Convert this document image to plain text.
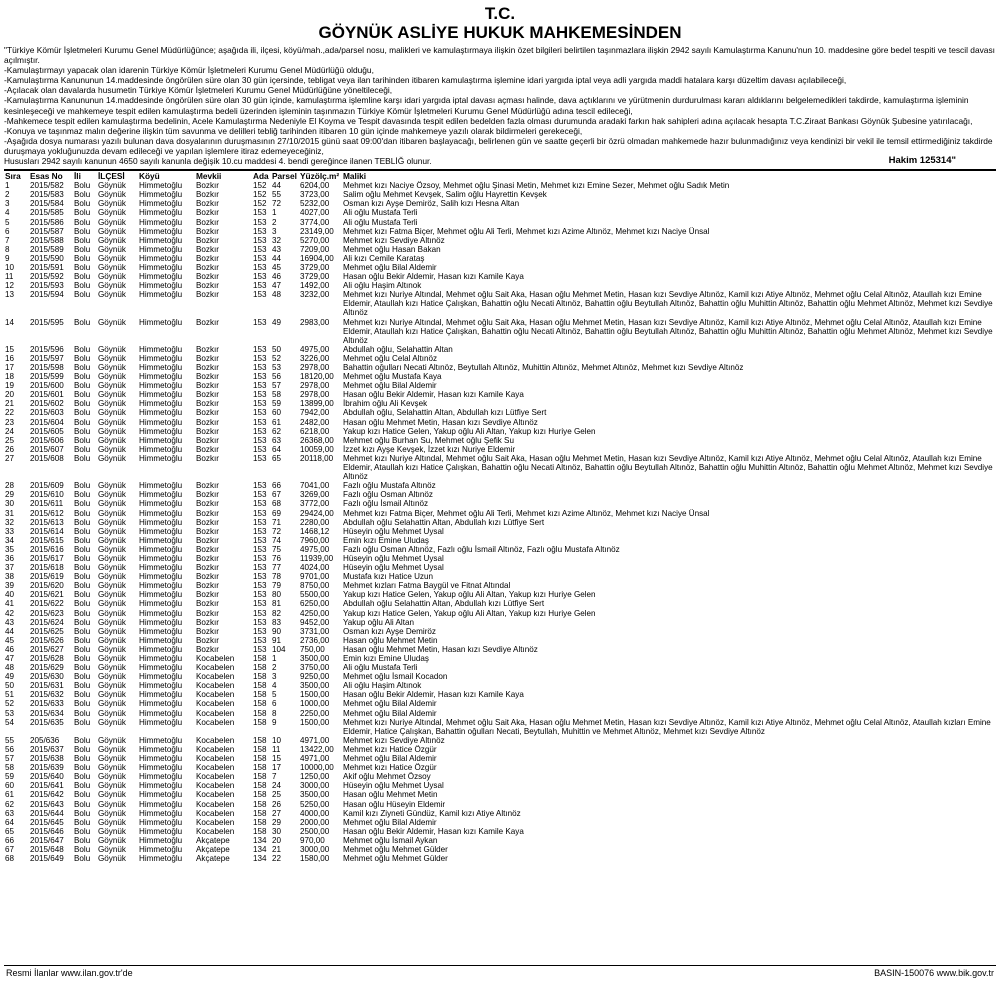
T.C.
GÖYNÜK ASLİYE HUKUK MAHKEMESİNDEN

"Türkiye Kömür İşletmeleri Kurumu Genel Müdürlüğünce; aşağıda ili, ilçesi, köyü/mah.,ada/parsel nosu, malikleri ve kamulaştırmaya ilişkin özet bilgileri belirtilen taşınmazlara ilişkin 2942 sayılı Kamulaştırma Kanunu'nun 10. maddesine göre bedel tespiti ve tescil davası açılmıştır.

-Kamulaştırmayı yapacak olan idarenin Türkiye Kömür İşletmeleri Kurumu Genel Müdürlüğü olduğu,

-Kamulaştırma Kanununun 14.maddesinde öngörülen süre olan 30 gün içersinde, tebligat veya ilan tarihinden itibaren kamulaştırma işlemine idari yargıda iptal veya adli yargıda maddi hatalara karşı düzeltim davası açılabileceği,

-Açılacak olan davalarda husumetin Türkiye Kömür İşletmeleri Kurumu Genel Müdürlüğüne yöneltileceği,

-Kamulaştırma Kanununun 14.maddesinde öngörülen süre olan 30 gün içinde, kamulaştırma işlemline karşı idari yargıda iptal davası açması halinde, dava açtıklarını ve yürütmenin durdurulması kararı aldıklarını belgelemedikleri takdirde, kamulaştırma işleminin kesinleşeceği ve mahkemeye tespit edilen kamulaştırma bedeli üzerinden işleminin taşınmazın Türkiye Kömür İşletmeleri Kurumu Genel Müdürlüğü adına tescil edileceği,

-Mahkemece tespit edilen kamulaştırma bedelinin, Acele Kamulaştırma Nedeniyle El Koyma ve Tespit davasında tespit edilen bedelden fazla olması durumunda aradaki farkın hak sahipleri adına açılacak hesapta T.C.Ziraat Bankası Göynük Şubesine yatırılacağı,

-Konuya ve taşınmaz malın değerine ilişkin tüm savunma ve delilleri tebliğ tarihinden itibaren 10 gün içinde mahkemeye yazılı olarak bildirmeleri gerekeceği,

-Aşağıda dosya numarası yazılı bulunan dava dosyalarının duruşmasının 27/10/2015 günü saat 09:00'dan itibaren başlayacağı, belirlenen gün ve saatte geçerli bir özrü olmadan mahkemede hazır bulunmadığınız veya kendinizi bir vekil ile temsil ettirmediğiniz takdirde duruşmaya yokluğunuzda devam edileceği ve yapılan işlemlere itiraz edemeyeceğiniz,

Hususları 2942 sayılı kanunun 4650 sayılı kanunla değişik 10.cu maddesi 4. bendi gereğince ilanen TEBLİĞ olunur.	Hakim 125314"
Sıra	Esas No	İli	İLÇESİ	Köyü	Mevkii	Ada	Parsel	Yüzölç.m²	Maliki
1	2015/582	Bolu	Göynük	Himmetoğlu	Bozkır	152	44	6204,00	Mehmet kızı Naciye Özsoy, Mehmet oğlu Şinasi Metin, Mehmet kızı Emine Sezer, Mehmet oğlu Sadık Metin
2	2015/583	Bolu	Göynük	Himmetoğlu	Bozkır	152	55	3723,00	Salim oğlu Mehmet Kevşek, Salim oğlu Hayrettin Kevşek
3	2015/584	Bolu	Göynük	Himmetoğlu	Bozkır	152	72	5232,00	Osman kızı Ayşe Demiröz, Salih kızı Hesna Altan
4	2015/585	Bolu	Göynük	Himmetoğlu	Bozkır	153	1	4027,00	Ali oğlu Mustafa Terli
5	2015/586	Bolu	Göynük	Himmetoğlu	Bozkır	153	2	3774,00	Ali oğlu Mustafa Terli
6	2015/587	Bolu	Göynük	Himmetoğlu	Bozkır	153	3	23149,00	Mehmet kızı Fatma Biçer, Mehmet oğlu Ali Terli, Mehmet kızı Azime Altınöz, Mehmet kızı Naciye Ünsal
7	2015/588	Bolu	Göynük	Himmetoğlu	Bozkır	153	32	5270,00	Mehmet kızı Sevdiye Altınöz
8	2015/589	Bolu	Göynük	Himmetoğlu	Bozkır	153	43	7209,00	Mehmet oğlu Hasan Bakan
9	2015/590	Bolu	Göynük	Himmetoğlu	Bozkır	153	44	16904,00	Ali kızı Cemile Karataş
10	2015/591	Bolu	Göynük	Himmetoğlu	Bozkır	153	45	3729,00	Mehmet oğlu Bilal Aldemir
11	2015/592	Bolu	Göynük	Himmetoğlu	Bozkır	153	46	3729,00	Hasan oğlu Bekir Aldemir, Hasan kızı Kamile Kaya
12	2015/593	Bolu	Göynük	Himmetoğlu	Bozkır	153	47	1492,00	Ali oğlu Haşim Altınok
13	2015/594	Bolu	Göynük	Himmetoğlu	Bozkır	153	48	3232,00	Mehmet kızı Nuriye Altındal, Mehmet oğlu Sait Aka, Hasan oğlu Mehmet Metin, Hasan kızı Sevdiye Altınöz, Kamil kızı Atiye Altınöz, Mehmet oğlu Celal Altınöz, Ataullah kızı Emine Eldemir, Ataullah kızı Hatice Çalışkan, Bahattin oğlu Necati Altınöz, Bahattin oğlu Beytullah Altınöz, Bahattin oğlu Muhittin Altınöz, Bahattin oğlu Mehmet Altınöz, Mehmet kızı Sevdiye Altınöz
14	2015/595	Bolu	Göynük	Himmetoğlu	Bozkır	153	49	2983,00	Mehmet kızı Nuriye Altındal, Mehmet oğlu Sait Aka, Hasan oğlu Mehmet Metin, Hasan kızı Sevdiye Altınöz, Kamil kızı Atiye Altınöz, Mehmet oğlu Celal Altınöz, Ataullah kızı Emine Eldemir, Ataullah kızı Hatice Çalışkan, Bahattin oğlu Necati Altınöz, Bahattin oğlu Beytullah Altınöz, Bahattin oğlu Muhittin Altınöz, Bahattin oğlu Mehmet Altınöz, Mehmet kızı Sevdiye Altınöz
15	2015/596	Bolu	Göynük	Himmetoğlu	Bozkır	153	50	4975,00	Abdullah oğlu, Selahattin Altan
16	2015/597	Bolu	Göynük	Himmetoğlu	Bozkır	153	52	3226,00	Mehmet oğlu Celal Altınöz
17	2015/598	Bolu	Göynük	Himmetoğlu	Bozkır	153	53	2978,00	Bahattin oğulları Necati Altınöz, Beytullah Altınöz, Muhittin Altınöz, Mehmet Altınöz, Mehmet kızı Sevdiye Altınöz
18	2015/599	Bolu	Göynük	Himmetoğlu	Bozkır	153	56	18120,00	Mehmet oğlu Mustafa Kaya
19	2015/600	Bolu	Göynük	Himmetoğlu	Bozkır	153	57	2978,00	Mehmet oğlu Bilal Aldemir
20	2015/601	Bolu	Göynük	Himmetoğlu	Bozkır	153	58	2978,00	Hasan oğlu Bekir Aldemir, Hasan kızı Kamile Kaya
21	2015/602	Bolu	Göynük	Himmetoğlu	Bozkır	153	59	13899,00	İbrahim oğlu Ali Kevşek
22	2015/603	Bolu	Göynük	Himmetoğlu	Bozkır	153	60	7942,00	Abdullah oğlu, Selahattin Altan, Abdullah kızı Lütfiye Sert
23	2015/604	Bolu	Göynük	Himmetoğlu	Bozkır	153	61	2482,00	Hasan oğlu Mehmet Metin, Hasan kızı Sevdiye Altınöz
24	2015/605	Bolu	Göynük	Himmetoğlu	Bozkır	153	62	6218,00	Yakup kızı Hatice Gelen, Yakup oğlu Ali Altan, Yakup kızı Huriye Gelen
25	2015/606	Bolu	Göynük	Himmetoğlu	Bozkır	153	63	26368,00	Mehmet oğlu Burhan Su, Mehmet oğlu Şefik Su
26	2015/607	Bolu	Göynük	Himmetoğlu	Bozkır	153	64	10059,00	İzzet kızı Ayşe Kevşek, İzzet kızı Nuriye Eldemir
27	2015/608	Bolu	Göynük	Himmetoğlu	Bozkır	153	65	20118,00	Mehmet kızı Nuriye Altındal, Mehmet oğlu Sait Aka, Hasan oğlu Mehmet Metin, Hasan kızı Sevdiye Altınöz, Kamil kızı Atiye Altınöz, Mehmet oğlu Celal Altınöz, Ataullah kızı Emine Eldemir, Ataullah kızı Hatice Çalışkan, Bahattin oğlu Necati Altınöz, Bahattin oğlu Beytullah Altınöz, Bahattin oğlu Muhittin Altınöz, Bahattin oğlu Mehmet Altınöz, Mehmet kızı Sevdiye Altınöz
28	2015/609	Bolu	Göynük	Himmetoğlu	Bozkır	153	66	7041,00	Fazlı oğlu Mustafa Altınöz
29	2015/610	Bolu	Göynük	Himmetoğlu	Bozkır	153	67	3269,00	Fazlı oğlu Osman Altınöz
30	2015/611	Bolu	Göynük	Himmetoğlu	Bozkır	153	68	3772,00	Fazlı oğlu İsmail Altınöz
31	2015/612	Bolu	Göynük	Himmetoğlu	Bozkır	153	69	29424,00	Mehmet kızı Fatma Biçer, Mehmet oğlu Ali Terli, Mehmet kızı Azime Altınöz, Mehmet kızı Naciye Ünsal
32	2015/613	Bolu	Göynük	Himmetoğlu	Bozkır	153	71	2280,00	Abdullah oğlu Selahattin Altan, Abdullah kızı Lütfiye Sert
33	2015/614	Bolu	Göynük	Himmetoğlu	Bozkır	153	72	1468,12	Hüseyin oğlu Mehmet Uysal
34	2015/615	Bolu	Göynük	Himmetoğlu	Bozkır	153	74	7960,00	Emin kızı Emine Uludaş
35	2015/616	Bolu	Göynük	Himmetoğlu	Bozkır	153	75	4975,00	Fazlı oğlu Osman Altınöz, Fazlı oğlu İsmail Altınöz, Fazlı oğlu Mustafa Altınöz
36	2015/617	Bolu	Göynük	Himmetoğlu	Bozkır	153	76	11939,00	Hüseyin oğlu Mehmet Uysal
37	2015/618	Bolu	Göynük	Himmetoğlu	Bozkır	153	77	4024,00	Hüseyin oğlu Mehmet Uysal
38	2015/619	Bolu	Göynük	Himmetoğlu	Bozkır	153	78	9701,00	Mustafa kızı Hatice Uzun
39	2015/620	Bolu	Göynük	Himmetoğlu	Bozkır	153	79	8750,00	Mehmet kızları Fatma Baygül ve Fitnat Altındal
40	2015/621	Bolu	Göynük	Himmetoğlu	Bozkır	153	80	5500,00	Yakup kızı Hatice Gelen, Yakup oğlu Ali Altan, Yakup kızı Huriye Gelen
41	2015/622	Bolu	Göynük	Himmetoğlu	Bozkır	153	81	6250,00	Abdullah oğlu Selahattin Altan, Abdullah kızı Lütfiye Sert
42	2015/623	Bolu	Göynük	Himmetoğlu	Bozkır	153	82	4250,00	Yakup kızı Hatice Gelen, Yakup oğlu Ali Altan, Yakup kızı Huriye Gelen
43	2015/624	Bolu	Göynük	Himmetoğlu	Bozkır	153	83	9452,00	Yakup oğlu Ali Altan
44	2015/625	Bolu	Göynük	Himmetoğlu	Bozkır	153	90	3731,00	Osman kızı Ayşe Demiröz
45	2015/626	Bolu	Göynük	Himmetoğlu	Bozkır	153	91	2736,00	Hasan oğlu Mehmet Metin
46	2015/627	Bolu	Göynük	Himmetoğlu	Bozkır	153	104	750,00	Hasan oğlu Mehmet Metin, Hasan kızı Sevdiye Altınöz
47	2015/628	Bolu	Göynük	Himmetoğlu	Kocabelen	158	1	3500,00	Emin kızı Emine Uludaş
48	2015/629	Bolu	Göynük	Himmetoğlu	Kocabelen	158	2	3750,00	Ali oğlu Mustafa Terli
49	2015/630	Bolu	Göynük	Himmetoğlu	Kocabelen	158	3	9250,00	Mehmet oğlu İsmail Kocadon
50	2015/631	Bolu	Göynük	Himmetoğlu	Kocabelen	158	4	3500,00	Ali oğlu Haşim Altınok
51	2015/632	Bolu	Göynük	Himmetoğlu	Kocabelen	158	5	1500,00	Hasan oğlu Bekir Aldemir, Hasan kızı Kamile Kaya
52	2015/633	Bolu	Göynük	Himmetoğlu	Kocabelen	158	6	1000,00	Mehmet oğlu Bilal Aldemir
53	2015/634	Bolu	Göynük	Himmetoğlu	Kocabelen	158	8	2250,00	Mehmet oğlu Bilal Aldemir
54	2015/635	Bolu	Göynük	Himmetoğlu	Kocabelen	158	9	1500,00	Mehmet kızı Nuriye Altındal, Mehmet oğlu Sait Aka, Hasan oğlu Mehmet Metin, Hasan kızı Sevdiye Altınöz, Kamil kızı Atiye Altınöz, Mehmet oğlu Celal Altınöz, Ataullah kızları Emine Eldemir, Hatice Çalışkan, Bahattin oğulları Necati, Beytullah, Muhittin ve Mehmet Altınöz, Mehmet kızı Sevdiye Altınöz
55	205/636	Bolu	Göynük	Himmetoğlu	Kocabelen	158	10	4971,00	Mehmet kızı Sevdiye Altınöz
56	2015/637	Bolu	Göynük	Himmetoğlu	Kocabelen	158	11	13422,00	Mehmet kızı Hatice Özgür
57	2015/638	Bolu	Göynük	Himmetoğlu	Kocabelen	158	15	4971,00	Mehmet oğlu Bilal Aldemir
58	2015/639	Bolu	Göynük	Himmetoğlu	Kocabelen	158	17	10000,00	Mehmet kızı Hatice Özgür
59	2015/640	Bolu	Göynük	Himmetoğlu	Kocabelen	158	7	1250,00	Akif oğlu Mehmet Özsoy
60	2015/641	Bolu	Göynük	Himmetoğlu	Kocabelen	158	24	3000,00	Hüseyin oğlu Mehmet Uysal
61	2015/642	Bolu	Göynük	Himmetoğlu	Kocabelen	158	25	3500,00	Hasan oğlu Mehmet Metin
62	2015/643	Bolu	Göynük	Himmetoğlu	Kocabelen	158	26	5250,00	Hasan oğlu Hüseyin Eldemir
63	2015/644	Bolu	Göynük	Himmetoğlu	Kocabelen	158	27	4000,00	Kamil kızı Ziyneti Gündüz, Kamil kızı Atiye Altınöz
64	2015/645	Bolu	Göynük	Himmetoğlu	Kocabelen	158	29	2000,00	Mehmet oğlu Bilal Aldemir
65	2015/646	Bolu	Göynük	Himmetoğlu	Kocabelen	158	30	2500,00	Hasan oğlu Bekir Aldemir, Hasan kızı Kamile Kaya
66	2015/647	Bolu	Göynük	Himmetoğlu	Akçatepe	134	20	970,00	Mehmet oğlu İsmail Aykan
67	2015/648	Bolu	Göynük	Himmetoğlu	Akçatepe	134	21	3000,00	Mehmet oğlu Mehmet Gülder
68	2015/649	Bolu	Göynük	Himmetoğlu	Akçatepe	134	22	1580,00	Mehmet oğlu Mehmet Gülder
Resmi İlanlar www.ilan.gov.tr'de	BASIN-150076 www.bik.gov.tr
